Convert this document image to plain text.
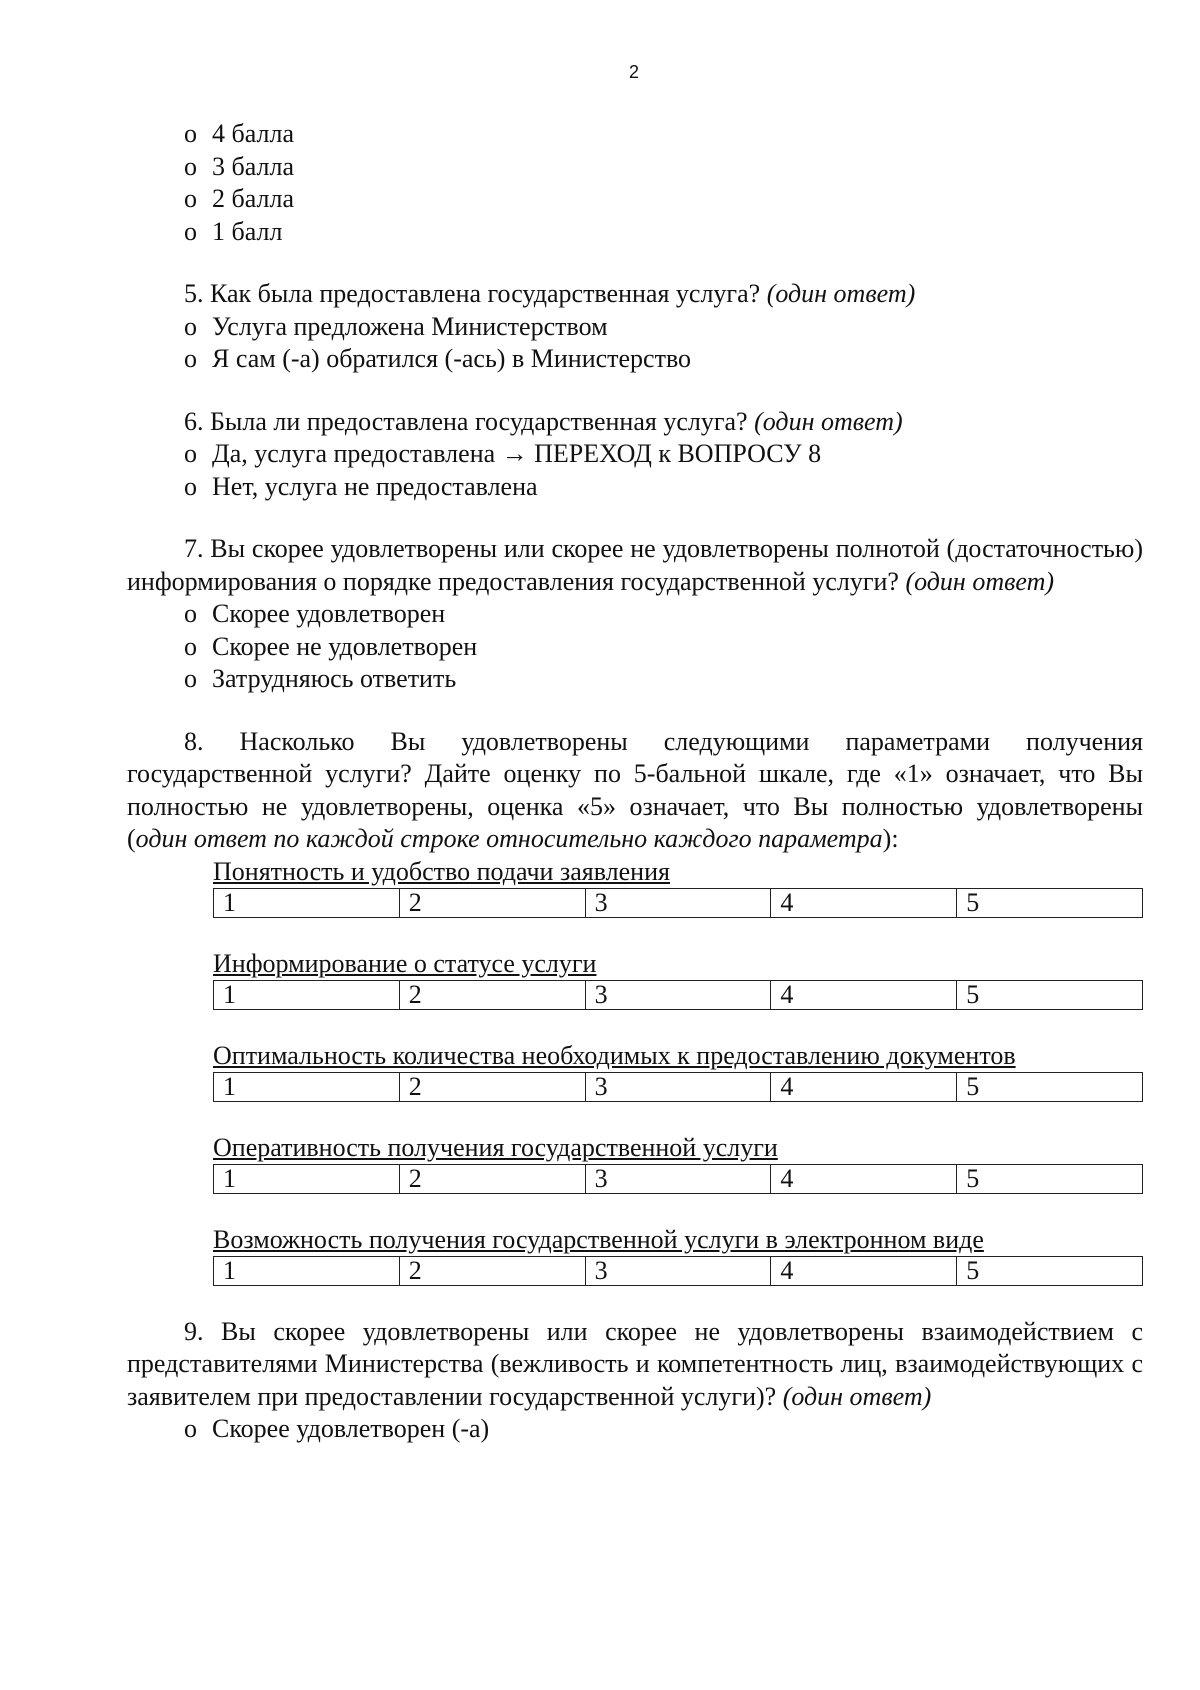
2
o 4 балла
o 3 балла
o 2 балла
o 1 балл

5. Как была предоставлена государственная услуга? (один ответ)

o Услуга предложена Министерством
o Я сам (-а) обратился (-ась) в Министерство

6. Была ли предоставлена государственная услуга? (один ответ)

o Да, услуга предоставлена → ПЕРЕХОД к ВОПРОСУ 8
o Нет, услуга не предоставлена

7. Вы скорее удовлетворены или скорее не удовлетворены полнотой (достаточностью) информирования о порядке предоставления государственной услуги? (один ответ)

o Скорее удовлетворен
o Скорее не удовлетворен
o Затрудняюсь ответить

8. Насколько Вы удовлетворены следующими параметрами получения государственной услуги? Дайте оценку по 5-бальной шкале, где «1» означает, что Вы полностью не удовлетворены, оценка «5» означает, что Вы полностью удовлетворены (один ответ по каждой строке относительно каждого параметра):

Понятность и удобство подачи заявления
1	2	3	4	5
Информирование о статусе услуги
1	2	3	4	5
Оптимальность количества необходимых к предоставлению документов
1	2	3	4	5
Оперативность получения государственной услуги
1	2	3	4	5
Возможность получения государственной услуги в электронном виде
1	2	3	4	5

9. Вы скорее удовлетворены или скорее не удовлетворены взаимодействием с представителями Министерства (вежливость и компетентность лиц, взаимодействующих с заявителем при предоставлении государственной услуги)? (один ответ)

o Скорее удовлетворен (-а)
